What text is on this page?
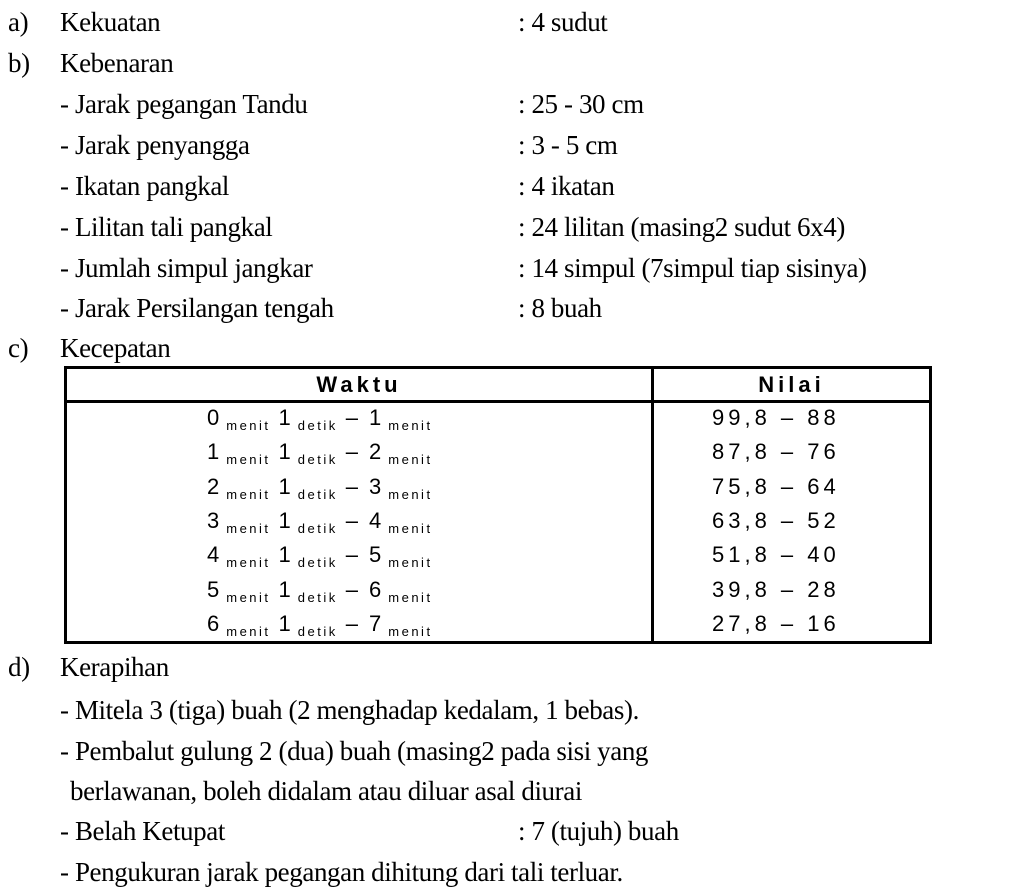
a) Kekuatan	: 4 sudut
b) Kebenaran
- Jarak pegangan Tandu	: 25 - 30 cm
- Jarak penyangga	: 3 - 5 cm
- Ikatan pangkal	: 4 ikatan
- Lilitan tali pangkal	: 24 lilitan (masing2 sudut 6x4)
- Jumlah simpul jangkar	: 14 simpul (7simpul tiap sisinya)
- Jarak Persilangan tengah	: 8 buah
c) Kecepatan
Waktu	Nilai
0 $_{menit}$ 1 $_{detik}$ – 1 $_{menit}$	99,8 – 88
1 $_{menit}$ 1 $_{detik}$ – 2 $_{menit}$	87,8 – 76
2 $_{menit}$ 1 $_{detik}$ – 3 $_{menit}$	75,8 – 64
3 $_{menit}$ 1 $_{detik}$ – 4 $_{menit}$	63,8 – 52
4 $_{menit}$ 1 $_{detik}$ – 5 $_{menit}$	51,8 – 40
5 $_{menit}$ 1 $_{detik}$ – 6 $_{menit}$	39,8 – 28
6 $_{menit}$ 1 $_{detik}$ – 7 $_{menit}$	27,8 – 16
d) Kerapihan
- Mitela 3 (tiga) buah (2 menghadap kedalam, 1 bebas).
- Pembalut gulung 2 (dua) buah (masing2 pada sisi yang
berlawanan, boleh didalam atau diluar asal diurai
- Belah Ketupat	: 7 (tujuh) buah
- Pengukuran jarak pegangan dihitung dari tali terluar.
